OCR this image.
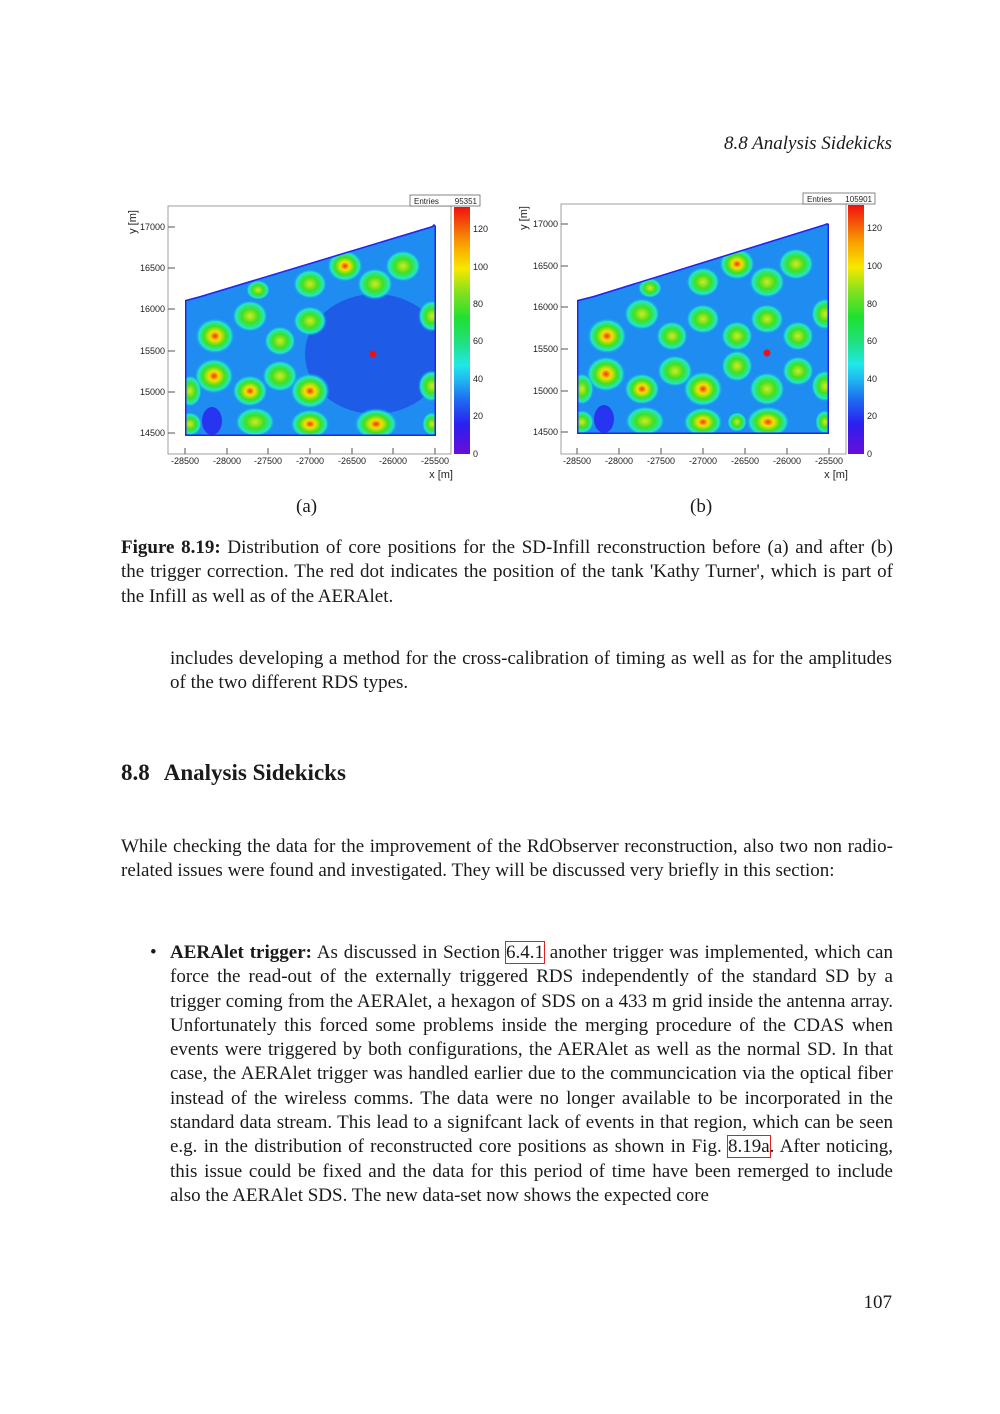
8.8 Analysis Sidekicks
17000
16500
16000
15500
15000
14500
y [m]
-28500 -28000 -27500 -27000 -26500 -26000 -25500
x [m]
0
20
40
60
80
100
120
Entries 95351
17000
16500
16000
15500
15000
14500
y [m]
-28500 -28000 -27500 -27000 -26500 -26000 -25500
x [m]
0
20
40
60
80
100
120
Entries 105901
(a)	(b)
Figure 8.19: Distribution of core positions for the SD-Infill reconstruction before (a) and after (b) the trigger correction. The red dot indicates the position of the tank 'Kathy Turner', which is part of the Infill as well as of the AERAlet.
includes developing a method for the cross-calibration of timing as well as for the amplitudes of the two different RDS types.
8.8 Analysis Sidekicks
While checking the data for the improvement of the RdObserver reconstruction, also two non radio-related issues were found and investigated. They will be discussed very briefly in this section:
• AERAlet trigger: As discussed in Section 6.4.1 another trigger was implemented, which can force the read-out of the externally triggered RDS independently of the standard SD by a trigger coming from the AERAlet, a hexagon of SDS on a 433 m grid inside the antenna array. Unfortunately this forced some problems inside the merging procedure of the CDAS when events were triggered by both configurations, the AERAlet as well as the normal SD. In that case, the AERAlet trigger was handled earlier due to the communcication via the optical fiber instead of the wireless comms. The data were no longer available to be incorporated in the standard data stream. This lead to a signifcant lack of events in that region, which can be seen e.g. in the distribution of reconstructed core positions as shown in Fig. 8.19a. After noticing, this issue could be fixed and the data for this period of time have been remerged to include also the AERAlet SDS. The new data-set now shows the expected core
107
